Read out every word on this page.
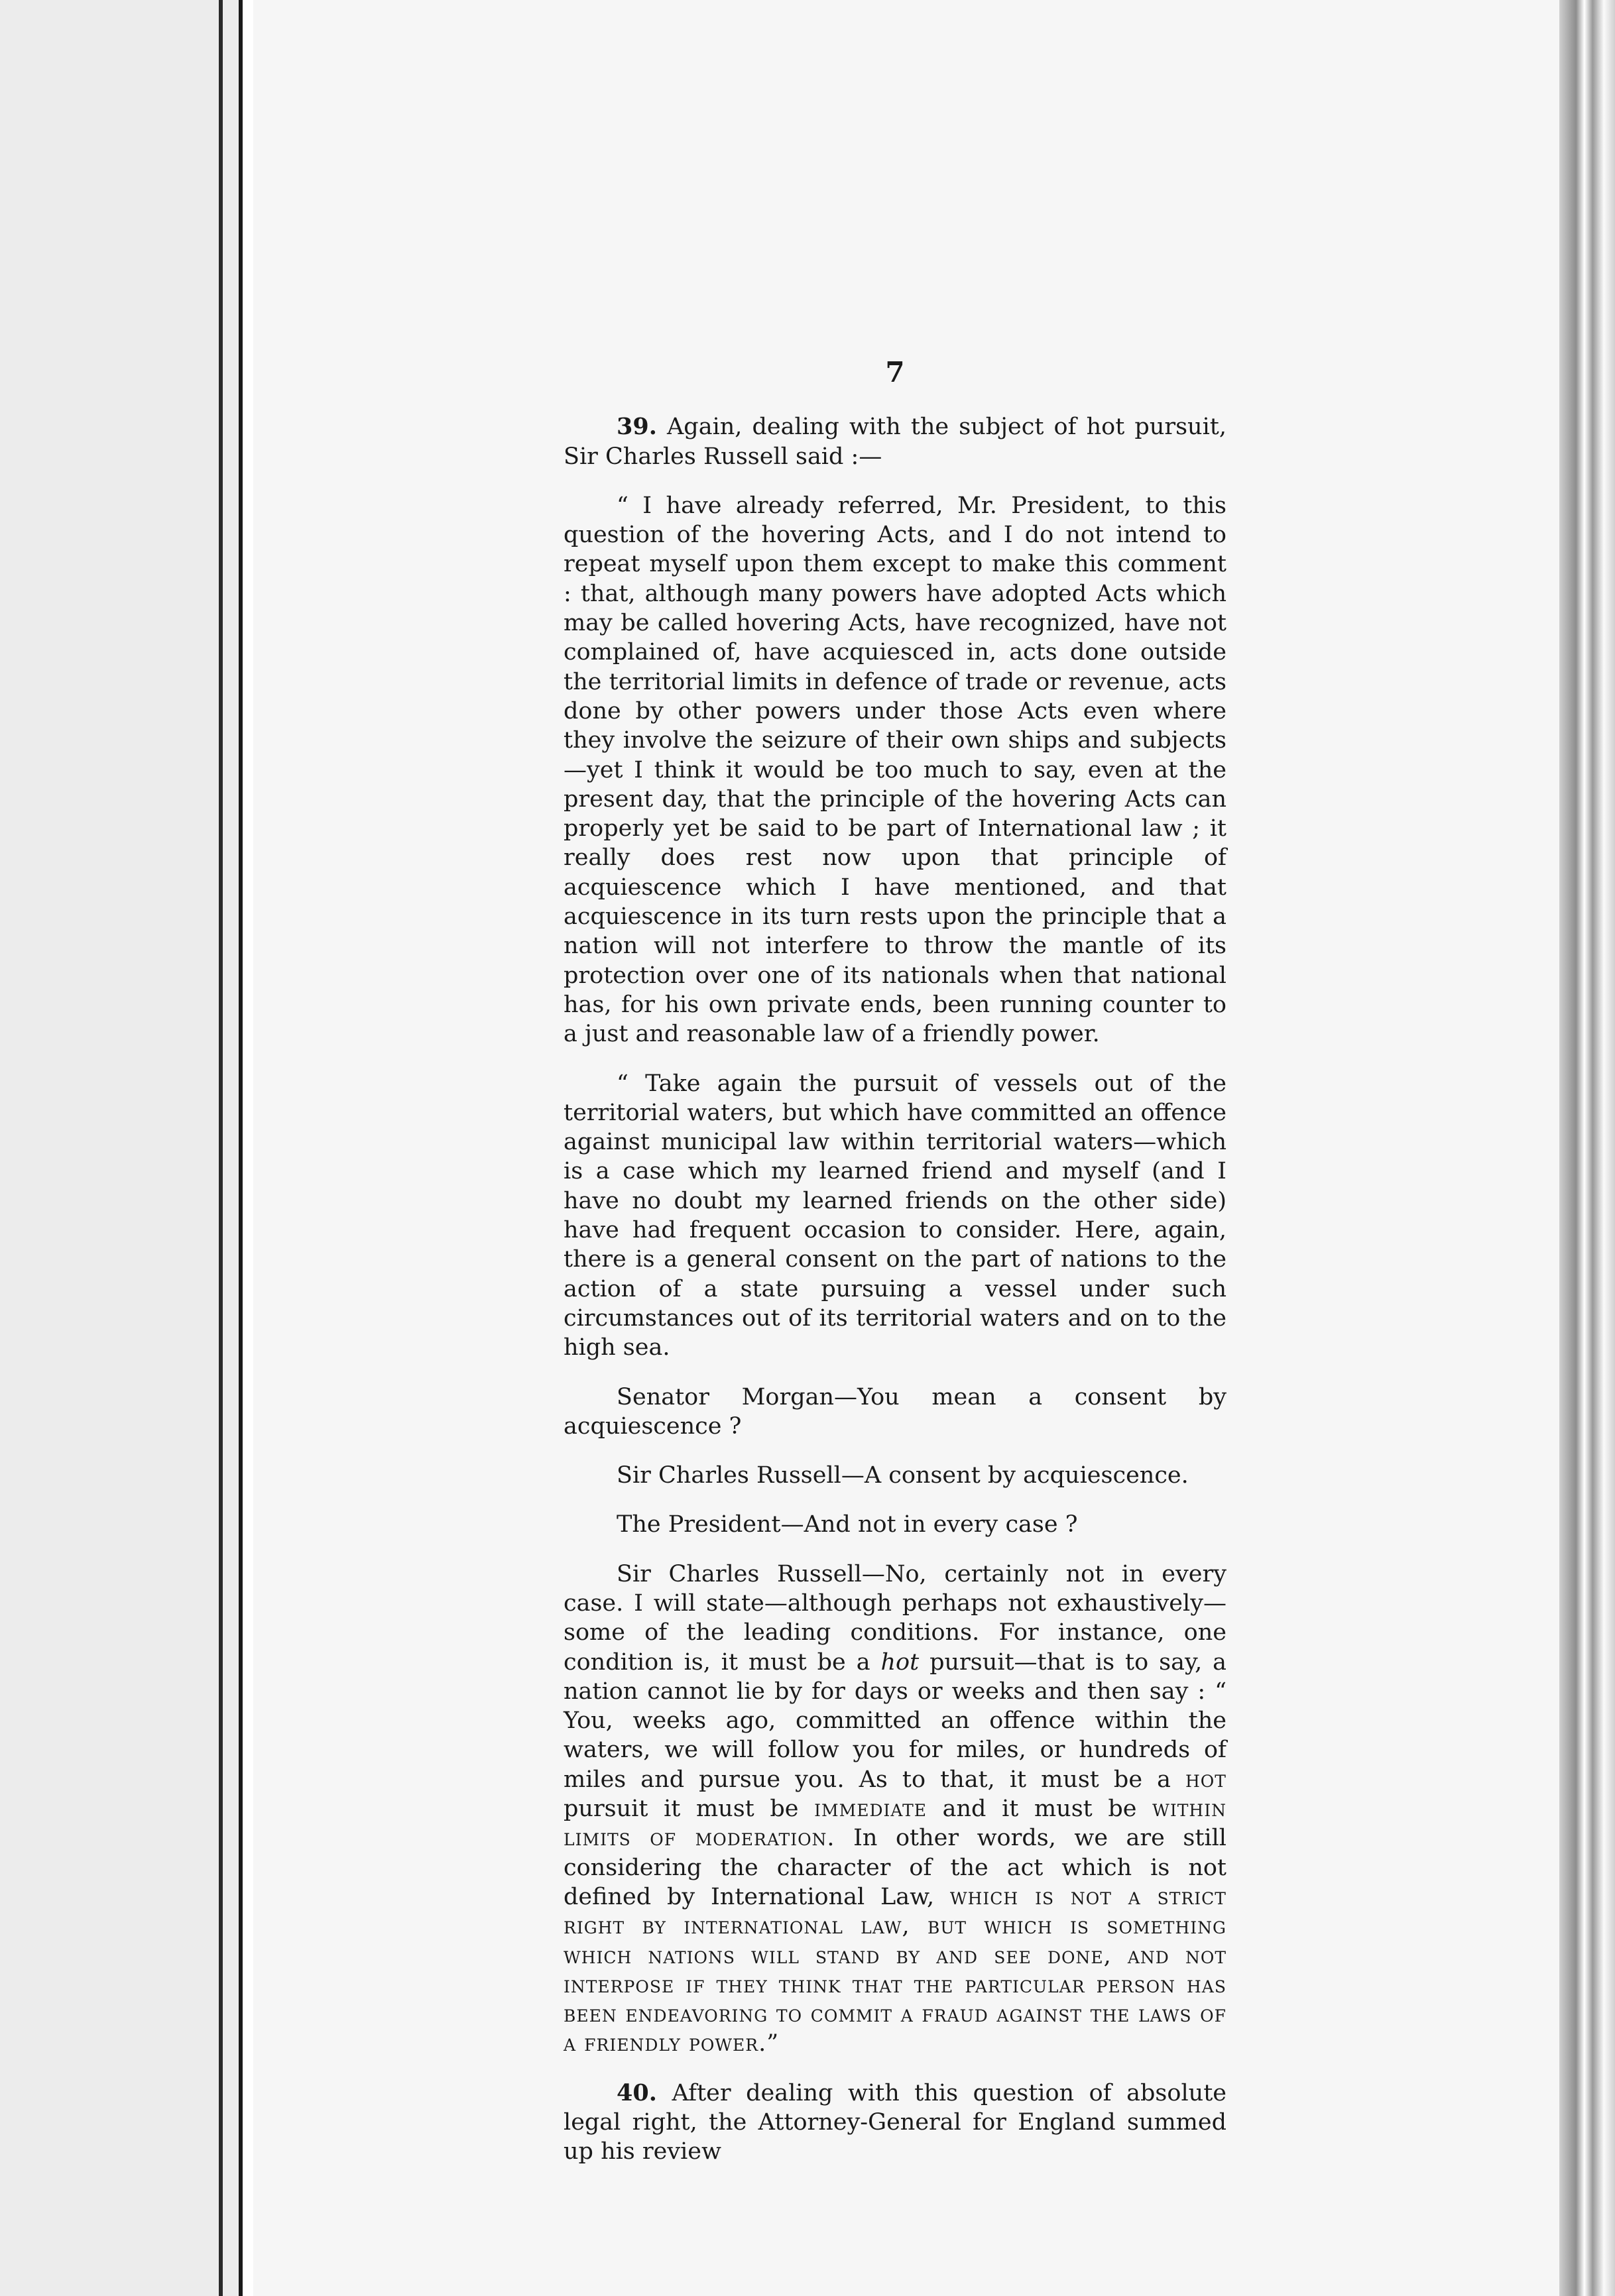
7

39. Again, dealing with the subject of hot pursuit, Sir Charles Russell said :—

“ I have already referred, Mr. President, to this question of the hovering Acts, and I do not intend to repeat myself upon them except to make this comment : that, although many powers have adopted Acts which may be called hovering Acts, have recognized, have not complained of, have acquiesced in, acts done outside the territorial limits in defence of trade or revenue, acts done by other powers under those Acts even where they involve the seizure of their own ships and subjects —yet I think it would be too much to say, even at the present day, that the principle of the hovering Acts can properly yet be said to be part of International law ; it really does rest now upon that principle of acquiescence which I have mentioned, and that acquiescence in its turn rests upon the principle that a nation will not interfere to throw the mantle of its protection over one of its nationals when that national has, for his own private ends, been running counter to a just and reasonable law of a friendly power.

“ Take again the pursuit of vessels out of the territorial waters, but which have committed an offence against municipal law within territorial waters—which is a case which my learned friend and myself (and I have no doubt my learned friends on the other side) have had frequent occasion to consider. Here, again, there is a general consent on the part of nations to the action of a state pursuing a vessel under such circumstances out of its territorial waters and on to the high sea.

Senator Morgan—You mean a consent by acquiescence ?

Sir Charles Russell—A consent by acquiescence.

The President—And not in every case ?

Sir Charles Russell—No, certainly not in every case. I will state—although perhaps not exhaustively—some of the leading conditions. For instance, one condition is, it must be a hot pursuit—that is to say, a nation cannot lie by for days or weeks and then say : “ You, weeks ago, committed an offence within the waters, we will follow you for miles, or hundreds of miles and pursue you. As to that, it must be a hot pursuit it must be immediate and it must be within limits of moderation. In other words, we are still considering the character of the act which is not defined by International Law, which is not a strict right by international law, but which is something which nations will stand by and see done, and not interpose if they think that the particular person has been endeavoring to commit a fraud against the laws of a friendly power.”

40. After dealing with this question of absolute legal right, the Attorney-General for England summed up his review
